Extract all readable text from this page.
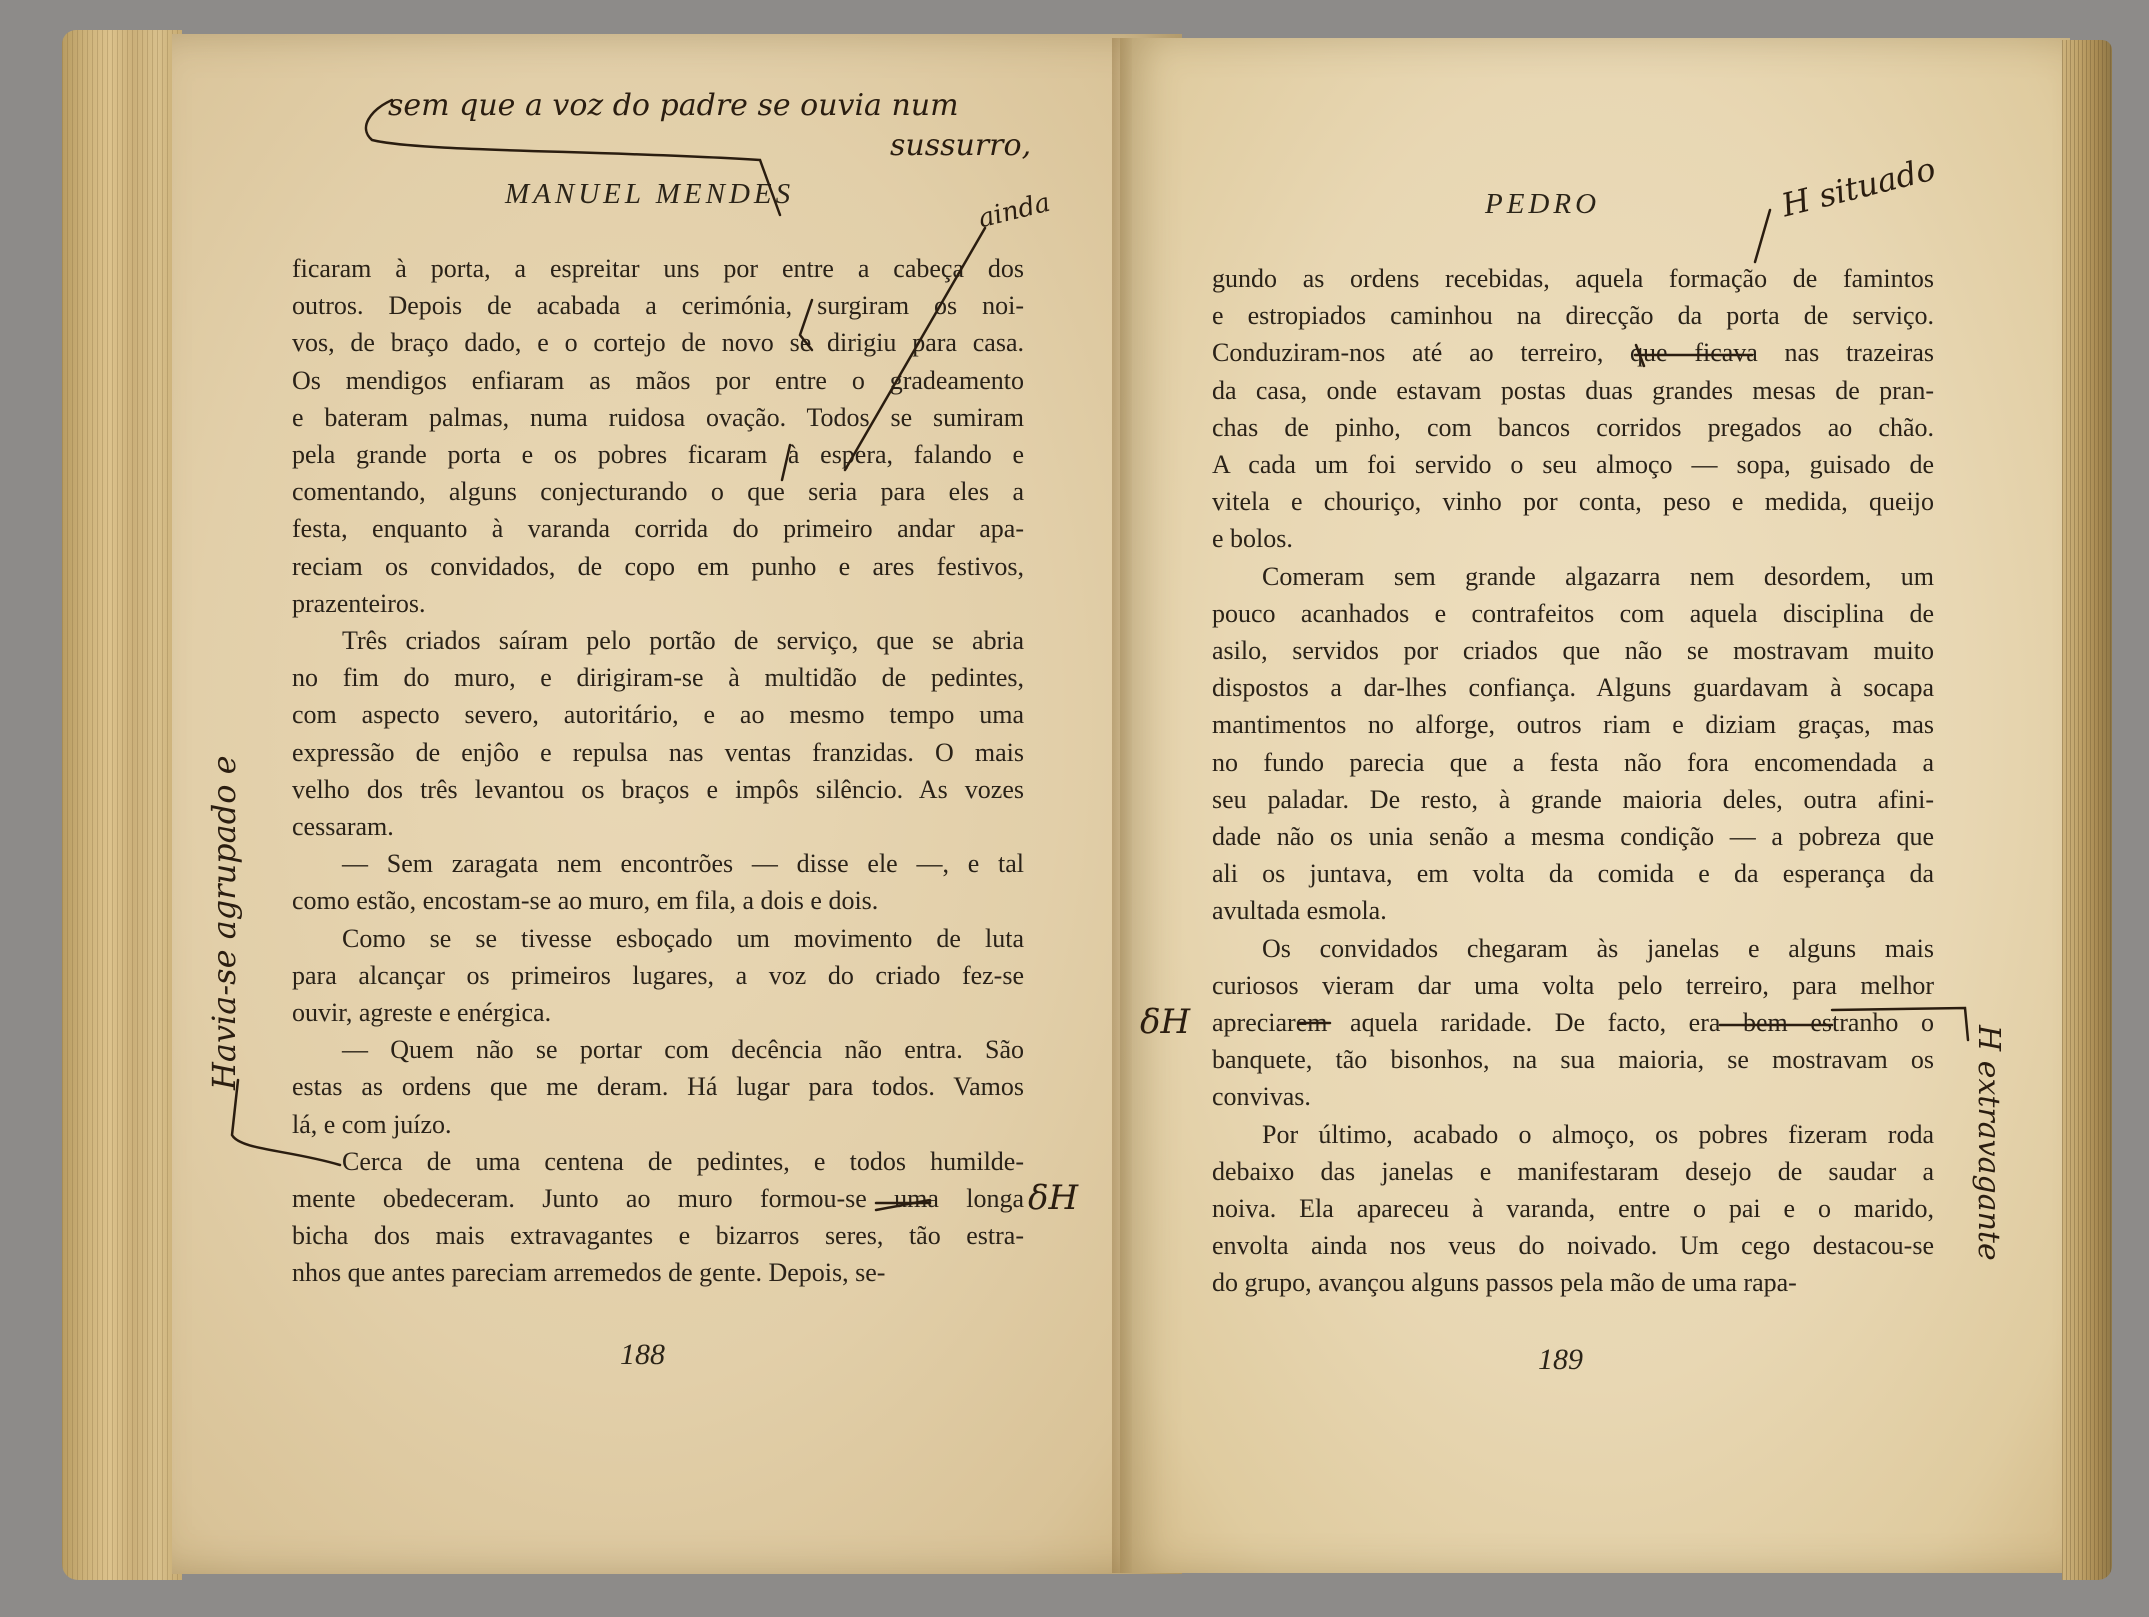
MANUEL MENDES
ficaram à porta, a espreitar uns por entre a cabeça dos
outros. Depois de acabada a cerimónia, surgiram os noi-
vos, de braço dado, e o cortejo de novo se dirigiu para casa.
Os mendigos enfiaram as mãos por entre o gradeamento
e bateram palmas, numa ruidosa ovação. Todos se sumiram
pela grande porta e os pobres ficaram à espera, falando e
comentando, alguns conjecturando o que seria para eles a
festa, enquanto à varanda corrida do primeiro andar apa-
reciam os convidados, de copo em punho e ares festivos,
prazenteiros.
Três criados saíram pelo portão de serviço, que se abria
no fim do muro, e dirigiram-se à multidão de pedintes,
com aspecto severo, autoritário, e ao mesmo tempo uma
expressão de enjôo e repulsa nas ventas franzidas. O mais
velho dos três levantou os braços e impôs silêncio. As vozes
cessaram.
— Sem zaragata nem encontrões — disse ele —, e tal
como estão, encostam-se ao muro, em fila, a dois e dois.
Como se se tivesse esboçado um movimento de luta
para alcançar os primeiros lugares, a voz do criado fez-se
ouvir, agreste e enérgica.
— Quem não se portar com decência não entra. São
estas as ordens que me deram. Há lugar para todos. Vamos
lá, e com juízo.
Cerca de uma centena de pedintes, e todos humilde-
mente obedeceram. Junto ao muro formou-se uma longa
bicha dos mais extravagantes e bizarros seres, tão estra-
nhos que antes pareciam arremedos de gente. Depois, se-
188
PEDRO
gundo as ordens recebidas, aquela formação de famintos
e estropiados caminhou na direcção da porta de serviço.
Conduziram-nos até ao terreiro, que ficava nas trazeiras
da casa, onde estavam postas duas grandes mesas de pran-
chas de pinho, com bancos corridos pregados ao chão.
A cada um foi servido o seu almoço — sopa, guisado de
vitela e chouriço, vinho por conta, peso e medida, queijo
e bolos.
Comeram sem grande algazarra nem desordem, um
pouco acanhados e contrafeitos com aquela disciplina de
asilo, servidos por criados que não se mostravam muito
dispostos a dar-lhes confiança. Alguns guardavam à socapa
mantimentos no alforge, outros riam e diziam graças, mas
no fundo parecia que a festa não fora encomendada a
seu paladar. De resto, à grande maioria deles, outra afini-
dade não os unia senão a mesma condição — a pobreza que
ali os juntava, em volta da comida e da esperança da
avultada esmola.
Os convidados chegaram às janelas e alguns mais
curiosos vieram dar uma volta pelo terreiro, para melhor
apreciarem aquela raridade. De facto, era bem estranho o
banquete, tão bisonhos, na sua maioria, se mostravam os
convivas.
Por último, acabado o almoço, os pobres fizeram roda
debaixo das janelas e manifestaram desejo de saudar a
noiva. Ela apareceu à varanda, entre o pai e o marido,
envolta ainda nos veus do noivado. Um cego destacou-se
do grupo, avançou alguns passos pela mão de uma rapa-
189
sem que a voz do padre se ouvia num
sussurro,
ainda
Havia-se agrupado e
δH
H situado
δH
H extravagante
